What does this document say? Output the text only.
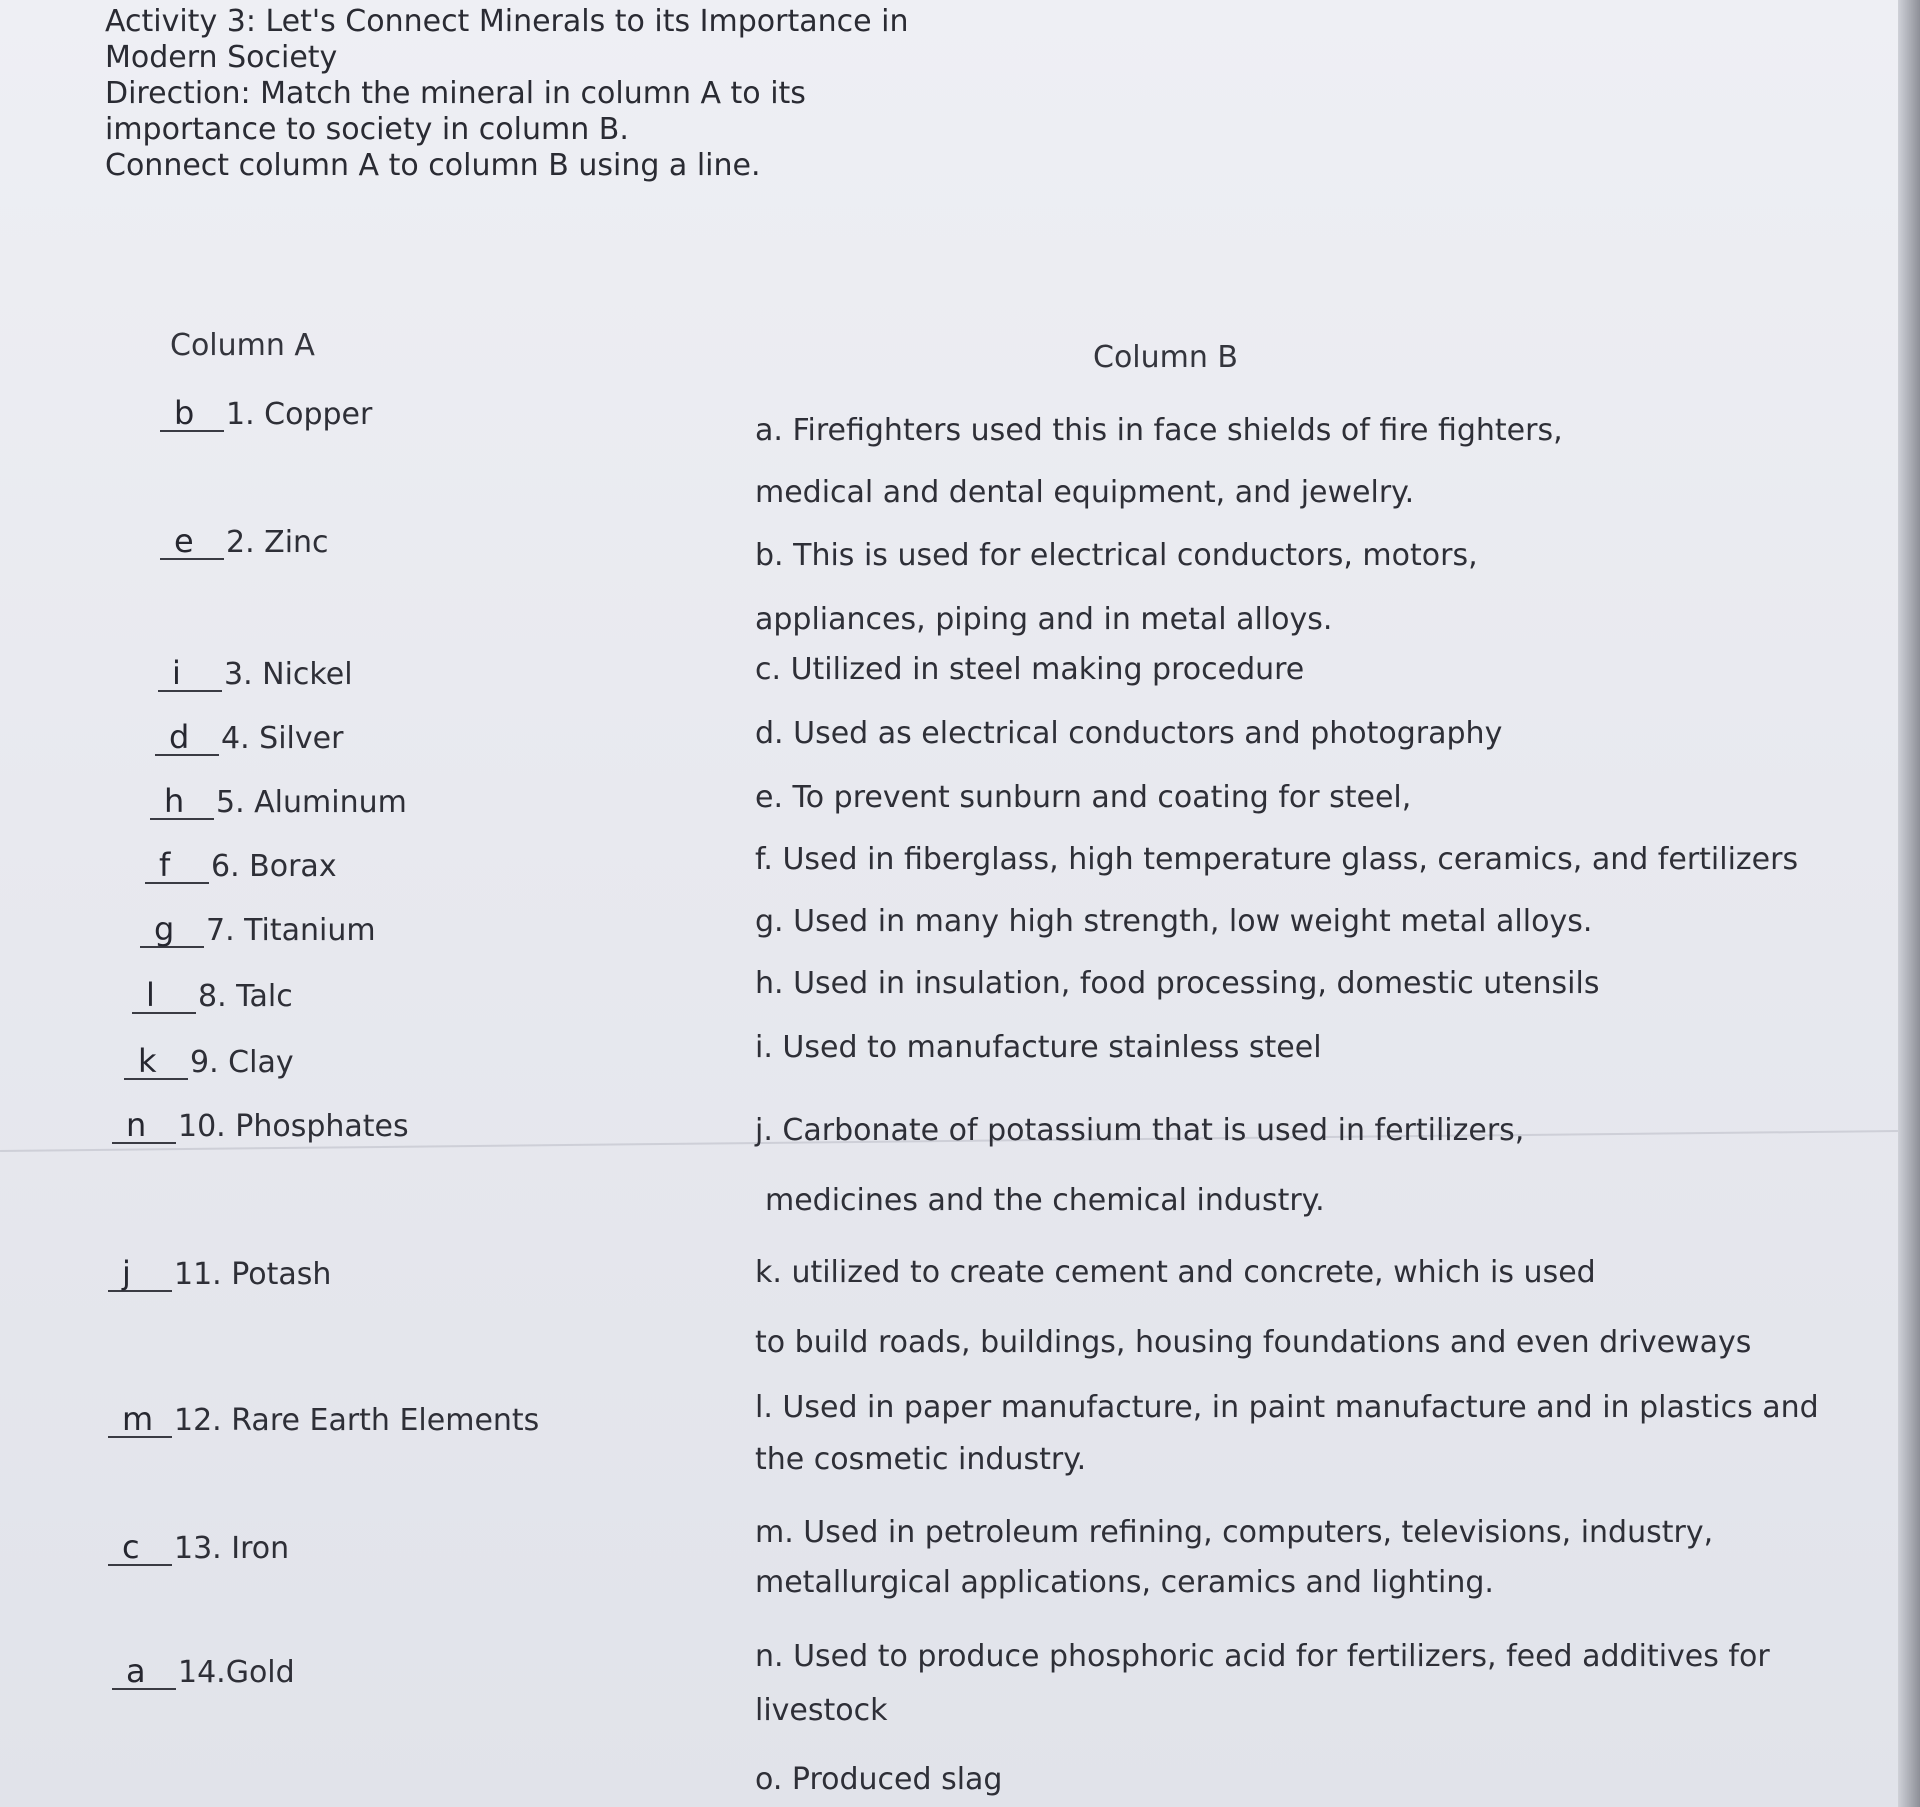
Activity 3: Let's Connect Minerals to its Importance in
Modern Society
Direction: Match the mineral in column A to its
importance to society in column B.
Connect column A to column B using a line.
Column A	Column B
b 1. Copper
e 2. Zinc
i 3. Nickel
d 4. Silver
h 5. Aluminum
f 6. Borax
g 7. Titanium
l 8. Talc
k 9. Clay
n 10. Phosphates
j 11. Potash
m 12. Rare Earth Elements
c 13. Iron
a 14.Gold
a. Firefighters used this in face shields of fire fighters,
medical and dental equipment, and jewelry.
b. This is used for electrical conductors, motors,
appliances, piping and in metal alloys.
c. Utilized in steel making procedure
d. Used as electrical conductors and photography
e. To prevent sunburn and coating for steel,
f. Used in fiberglass, high temperature glass, ceramics, and fertilizers
g. Used in many high strength, low weight metal alloys.
h. Used in insulation, food processing, domestic utensils
i. Used to manufacture stainless steel
j. Carbonate of potassium that is used in fertilizers,
medicines and the chemical industry.
k. utilized to create cement and concrete, which is used
to build roads, buildings, housing foundations and even driveways
l. Used in paper manufacture, in paint manufacture and in plastics and
the cosmetic industry.
m. Used in petroleum refining, computers, televisions, industry,
metallurgical applications, ceramics and lighting.
n. Used to produce phosphoric acid for fertilizers, feed additives for
livestock
o. Produced slag
